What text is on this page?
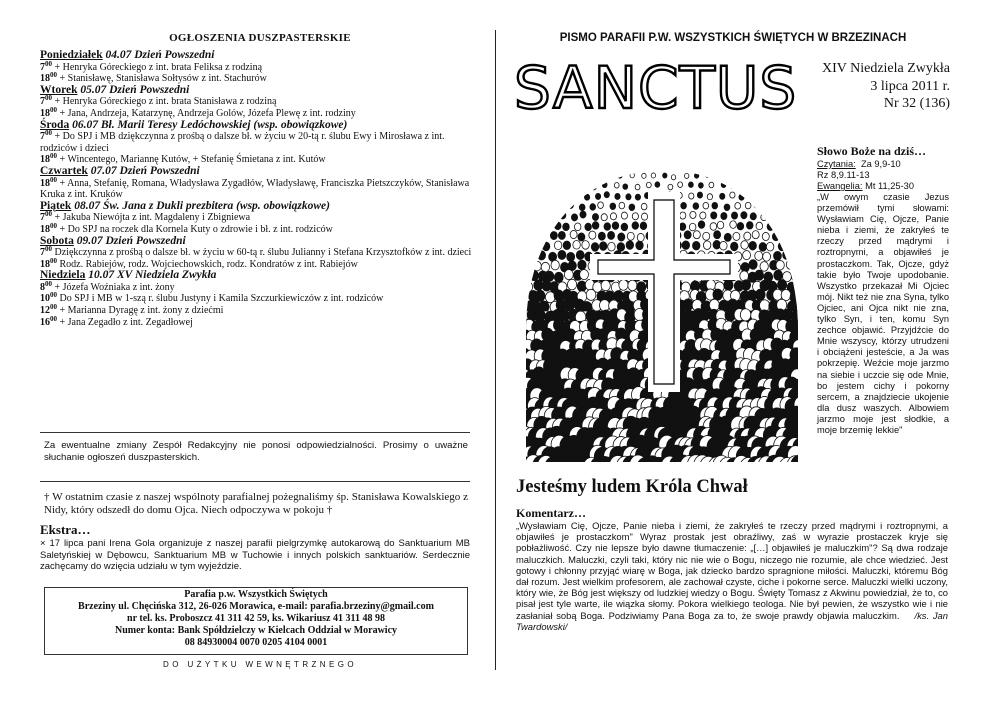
OGŁOSZENIA DUSZPASTERSKIE
Poniedziałek 04.07 Dzień Powszedni
$7^{00}$ + Henryka Góreckiego z int. brata Feliksa z rodziną
$18^{00}$ + Stanisławę, Stanisława Sołtysów z int. Stachurów
Wtorek 05.07 Dzień Powszedni
$7^{00}$ + Henryka Góreckiego z int. brata Stanisława z rodziną
$18^{00}$ + Jana, Andrzeja, Katarzynę, Andrzeja Golów, Józefa Plewę z int. rodziny
Środa 06.07 Bł. Marii Teresy Ledóchowskiej (wsp. obowiązkowe)
$7^{00} + Do$ SPJ i MB dziękczynna z prośbą o dalsze bł. w życiu w 20-tą r. ślubu Ewy i Mirosława z int. rodziców i dzieci
$18^{00}$ + Wincentego, Mariannę Kutów, + Stefanię Śmietana z int. Kutów
Czwartek 07.07 Dzień Powszedni
$18^{00}$ + Annа, Stefanię, Romana, Władysława Zygadłów, Władysławę, Franciszka Pietszczyków, Stanisława Kruka z int. Kruków
Piątek 08.07 Św. Jana z Dukli prezbitera (wsp. obowiązkowe)
$7^{00}$ + Jakuba Niewójta z int. Magdaleny i Zbigniewa
$18^{00} + Do$ SPJ na roczek dla Kornela Kuty o zdrowie i bł. z int. rodziców
Sobota 09.07 Dzień Powszedni
$7^{00}$ Dziękczynna z prośbą o dalsze bł. w życiu w 60-tą r. ślubu Julianny i Stefana Krzysztofków z int. dzieci
$18^{00}$ Rodz. Rabiejów, rodz. Wojciechowskich, rodz. Kondratów z int. Rabiejów
Niedziela 10.07 XV Niedziela Zwykła
$8^{00}$ + Józefa Woźniaka z int. żony
$10^{00}$ Do SPJ i MB w 1-szą r. ślubu Justyny i Kamila Szczurkiewiczów z int. rodziców
$12^{00}$ + Marianna Dyragę z int. żony z dziećmi
$16^{00}$ + Jana Zegadło z int. Zegadłowej
Za ewentualne zmiany Zespół Redakcyjny nie ponosi odpowiedzialności. Prosimy o uważne słuchanie ogłoszeń duszpasterskich.
† W ostatnim czasie z naszej wspólnoty parafialnej pożegnaliśmy śp. Stanisława Kowalskiego z Nidy, który odszedł do domu Ojca. Niech odpoczywa w pokoju †
Ekstra…
× 17 lipca pani Irena Gola organizuje z naszej parafii pielgrzymkę autokarową do Sanktuarium MB Saletyńskiej w Dębowcu, Sanktuarium MB w Tuchowie i innych polskich sanktuariów. Serdecznie zachęcamy do wzięcia udziału w tym wyjeździe.
Parafia p.w. Wszystkich Świętych
Brzeziny ul. Chęcińska 312, 26-026 Morawica, e-mail: parafia.brzeziny@gmail.com
nr tel. ks. Proboszcz 41 311 42 59, ks. Wikariusz 41 311 48 98
Numer konta: Bank Spółdzielczy w Kielcach Oddział w Morawicy
08 84930004 0070 0205 4104 0001
DO UŻYTKU WEWNĘTRZNEGO
PISMO PARAFII P.W. WSZYSTKICH ŚWIĘTYCH W BRZEZINACH
SANCTUS	XIV Niedziela Zwykła
3 lipca 2011 r.
Nr 32 (136)
Słowo Boże na dziś…
Czytania: Za 9,9-10
Rz 8,9.11-13
Ewangelia: Mt 11,25-30
„W owym czasie Jezus przemówił tymi słowami: Wysławiam Cię, Ojcze, Panie nieba i ziemi, że zakryłeś te rzeczy przed mądrymi i roztropnymi, a objawiłeś je prostaczkom. Tak, Ojcze, gdyż takie było Twoje upodobanie. Wszystko przekazał Mi Ojciec mój. Nikt też nie zna Syna, tylko Ojciec, ani Ojca nikt nie zna, tylko Syn, i ten, komu Syn zechce objawić. Przyjdźcie do Mnie wszyscy, którzy utrudzeni i obciążeni jesteście, a Ja was pokrzepię. Weźcie moje jarzmo na siebie i uczcie się ode Mnie, bo jestem cichy i pokorny sercem, a znajdziecie ukojenie dla dusz waszych. Albowiem jarzmo moje jest słodkie, a moje brzemię lekkie"
Jesteśmy ludem Króla Chwał
Komentarz…
„Wysławiam Cię, Ojcze, Panie nieba i ziemi, że zakryłeś te rzeczy przed mądrymi i roztropnymi, a objawiłeś je prostaczkom" Wyraz prostak jest obraźliwy, zaś w wyrazie prostaczek kryje się pobłażliwość. Czy nie lepsze było dawne tłumaczenie: „[…] objawiłeś je maluczkim"? Są dwa rodzaje maluczkich. Maluczki, czyli taki, który nic nie wie o Bogu, niczego nie rozumie, ale chce wiedzieć. Jest gotowy i chłonny przyjąć wiarę w Boga, jak dziecko bardzo spragnione miłości. Maluczki, któremu Bóg dał rozum. Jest wielkim profesorem, ale zachował czyste, ciche i pokorne serce. Maluczki wielki uczony, który wie, że Bóg jest większy od ludzkiej wiedzy o Bogu. Święty Tomasz z Akwinu powiedział, że to, co pisał jest tyle warte, ile wiązka słomy. Pokora wielkiego teologa. Nie był pewien, że wszystko wie i nie zasłaniał sobą Boga. Podziwiamy Pana Boga za to, że swoje prawdy objawia maluczkim. /ks. Jan Twardowski/
